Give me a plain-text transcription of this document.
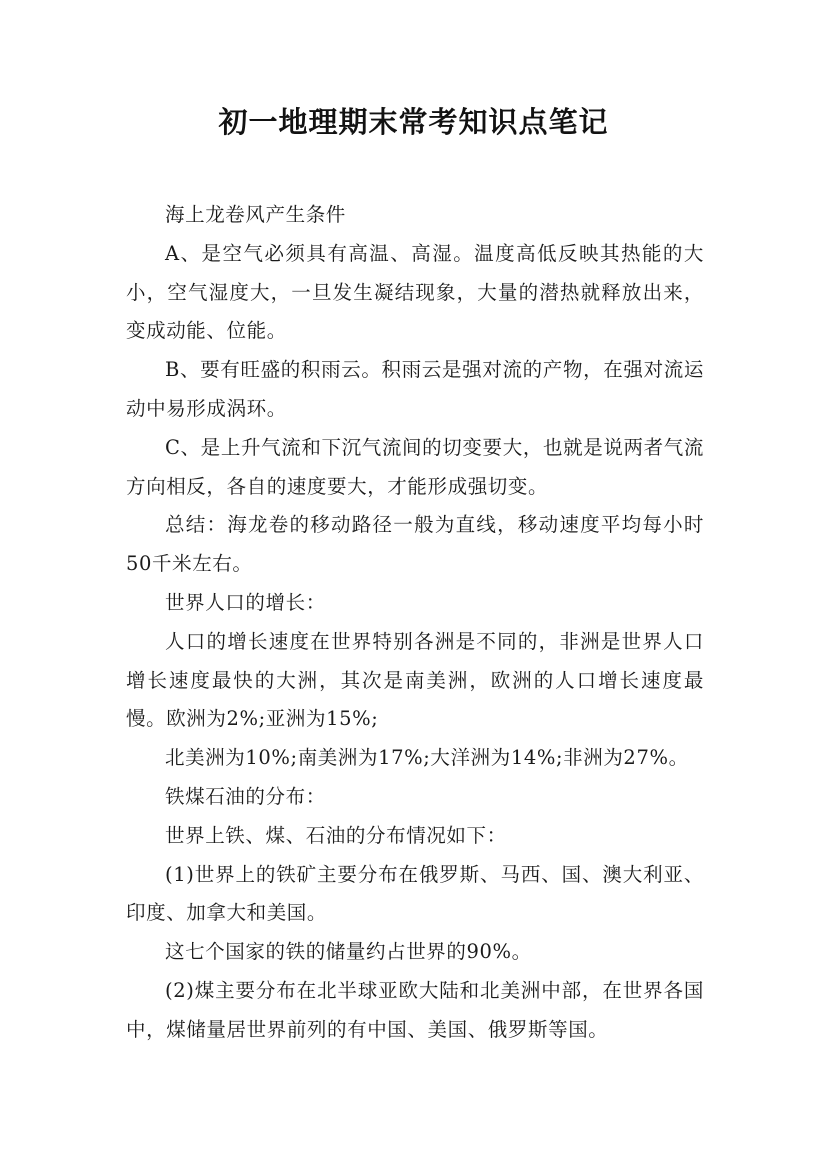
初一地理期末常考知识点笔记

海上龙卷风产生条件

A、是空气必须具有高温、高湿。温度高低反映其热能的大小，空气湿度大，一旦发生凝结现象，大量的潜热就释放出来，变成动能、位能。

B、要有旺盛的积雨云。积雨云是强对流的产物，在强对流运动中易形成涡环。

C、是上升气流和下沉气流间的切变要大，也就是说两者气流方向相反，各自的速度要大，才能形成强切变。

总结：海龙卷的移动路径一般为直线，移动速度平均每小时50千米左右。

世界人口的增长：

人口的增长速度在世界特别各洲是不同的，非洲是世界人口增长速度最快的大洲，其次是南美洲，欧洲的人口增长速度最慢。欧洲为2%;亚洲为15%;

北美洲为10%;南美洲为17%;大洋洲为14%;非洲为27%。

铁煤石油的分布：

世界上铁、煤、石油的分布情况如下：

(1)世界上的铁矿主要分布在俄罗斯、马西、国、澳大利亚、印度、加拿大和美国。

这七个国家的铁的储量约占世界的90%。

(2)煤主要分布在北半球亚欧大陆和北美洲中部，在世界各国中，煤储量居世界前列的有中国、美国、俄罗斯等国。
